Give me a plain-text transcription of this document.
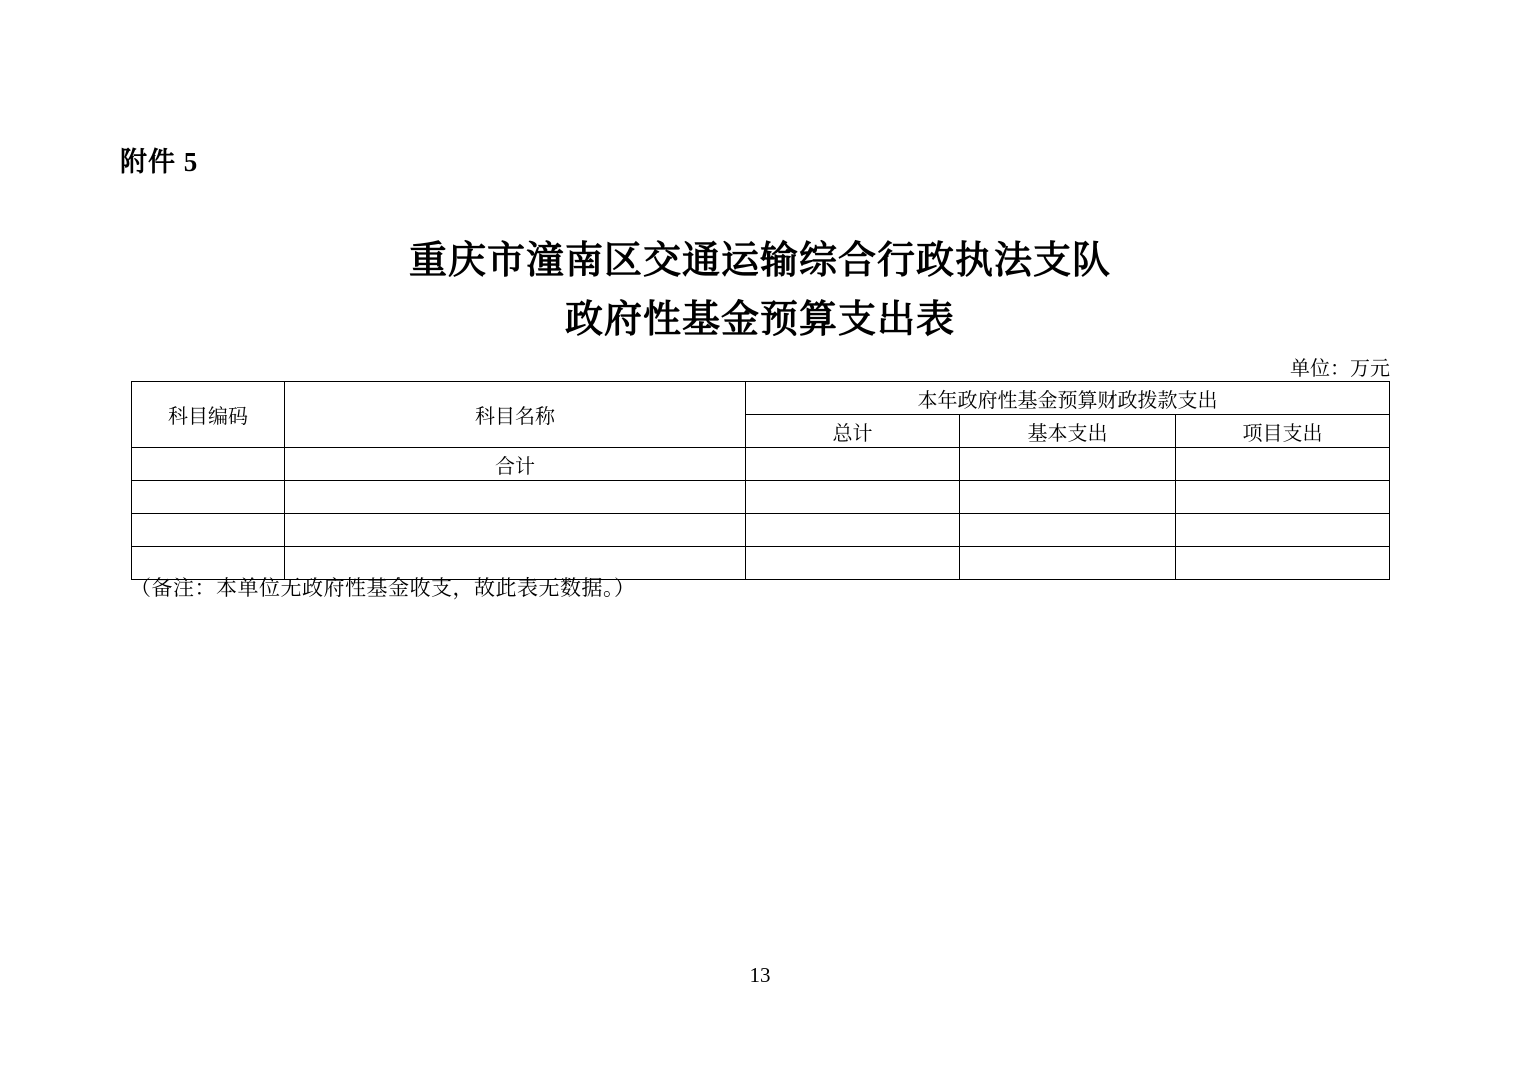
附件 5
重庆市潼南区交通运输综合行政执法支队
政府性基金预算支出表
单位：万元
科目编码	科目名称	本年政府性基金预算财政拨款支出		
		总计	基本支出	项目支出
	合计			

（备注：本单位无政府性基金收支，故此表无数据。）
13
